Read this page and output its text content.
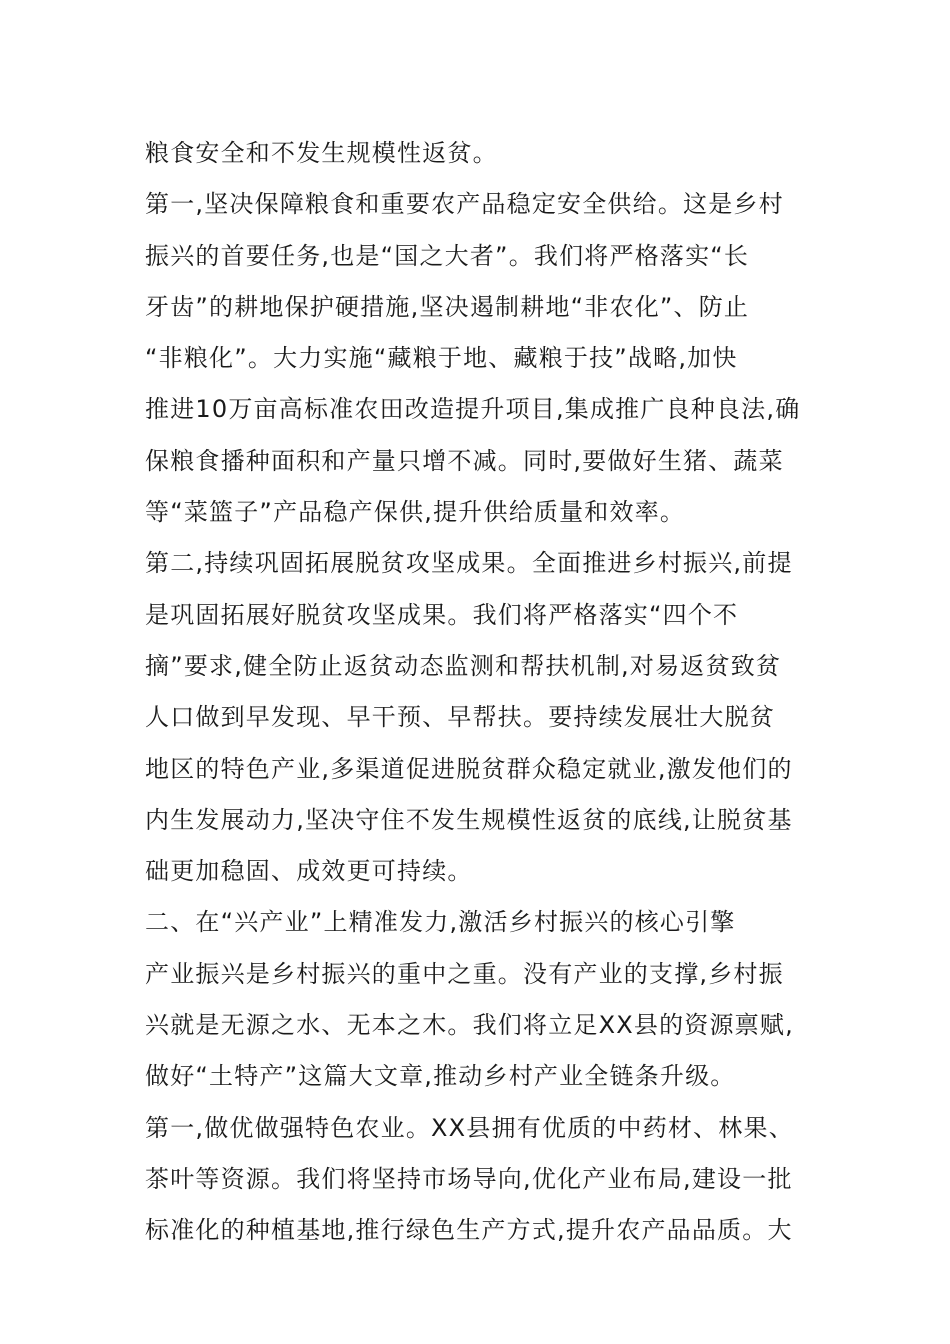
粮食安全和不发生规模性返贫。
第一,坚决保障粮食和重要农产品稳定安全供给。这是乡村
振兴的首要任务,也是“国之大者”。我们将严格落实“长
牙齿”的耕地保护硬措施,坚决遏制耕地“非农化”、防止
“非粮化”。大力实施“藏粮于地、藏粮于技”战略,加快
推进10万亩高标准农田改造提升项目,集成推广良种良法,确
保粮食播种面积和产量只增不减。同时,要做好生猪、蔬菜
等“菜篮子”产品稳产保供,提升供给质量和效率。
第二,持续巩固拓展脱贫攻坚成果。全面推进乡村振兴,前提
是巩固拓展好脱贫攻坚成果。我们将严格落实“四个不
摘”要求,健全防止返贫动态监测和帮扶机制,对易返贫致贫
人口做到早发现、早干预、早帮扶。要持续发展壮大脱贫
地区的特色产业,多渠道促进脱贫群众稳定就业,激发他们的
内生发展动力,坚决守住不发生规模性返贫的底线,让脱贫基
础更加稳固、成效更可持续。
二、在“兴产业”上精准发力,激活乡村振兴的核心引擎
产业振兴是乡村振兴的重中之重。没有产业的支撑,乡村振
兴就是无源之水、无本之木。我们将立足XX县的资源禀赋,
做好“土特产”这篇大文章,推动乡村产业全链条升级。
第一,做优做强特色农业。XX县拥有优质的中药材、林果、
茶叶等资源。我们将坚持市场导向,优化产业布局,建设一批
标准化的种植基地,推行绿色生产方式,提升农产品品质。大
